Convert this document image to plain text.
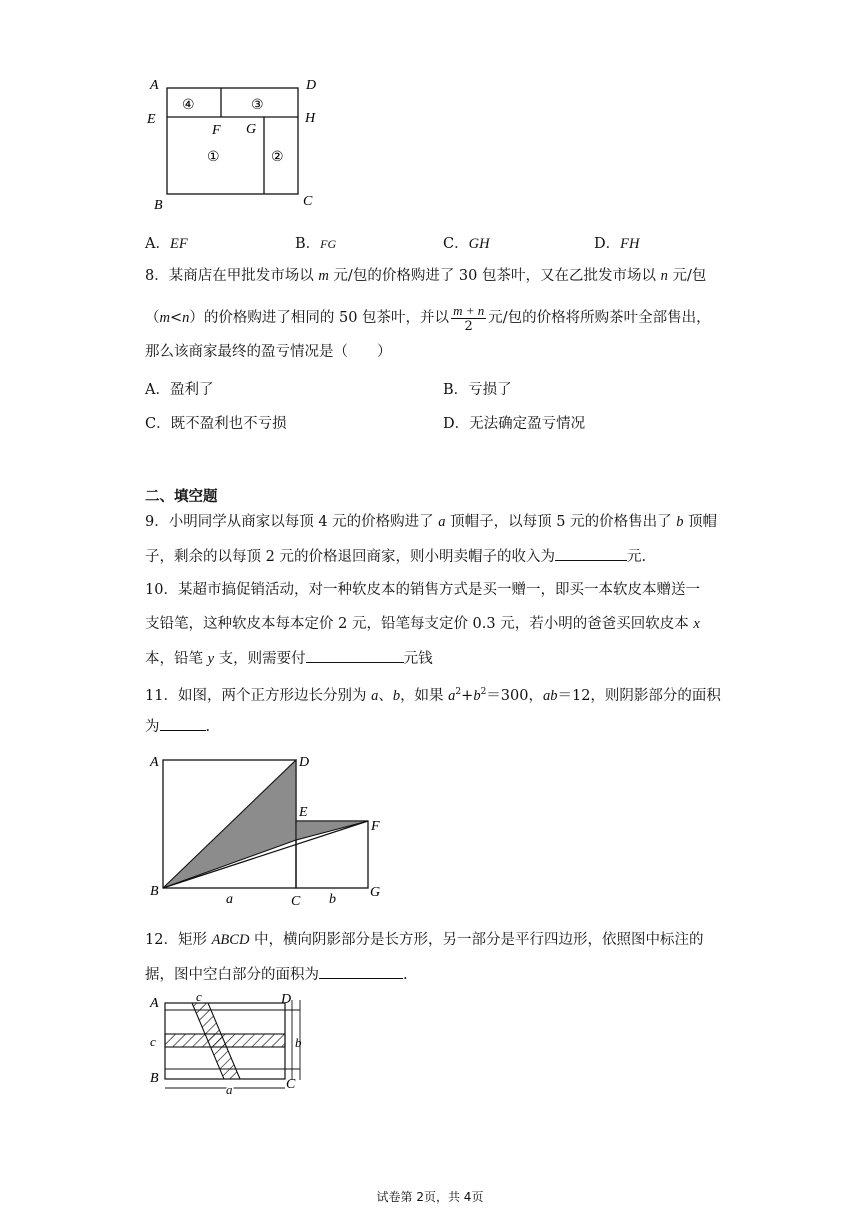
A	D
E	H
F G
B	C
④	③
①	②
A．EF	B．FG	C．GH	D．FH
8．某商店在甲批发市场以 m 元/包的价格购进了 30 包茶叶，又在乙批发市场以 n 元/包
（ m < n ）的价格购进了相同的 50 包茶叶，并以 $\frac{m + n}{2}$ 元/包的价格将所购茶叶全部售出，
那么该商家最终的盈亏情况是（　　）
A．盈利了	B．亏损了
C．既不盈利也不亏损	D．无法确定盈亏情况
二、填空题
9．小明同学从商家以每顶 4 元的价格购进了 a 顶帽子，以每顶 5 元的价格售出了 b 顶帽
子，剩余的以每顶 2 元的价格退回商家，则小明卖帽子的收入为	元.
10．某超市搞促销活动，对一种软皮本的销售方式是买一赠一，即买一本软皮本赠送一
支铅笔，这种软皮本每本定价 2 元，铅笔每支定价 0.3 元，若小明的爸爸买回软皮本 x
本，铅笔 y 支，则需要付	元钱
11．如图，两个正方形边长分别为 a、b，如果 $a^2+b^2=300$，ab＝12，则阴影部分的面积
为	.
A	D
E
F
B
C
G
a	b
12．矩形 ABCD 中，横向阴影部分是长方形，另一部分是平行四边形，依照图中标注的
据，图中空白部分的面积为	.
A	c	D
c	b
B	C
a
试卷第 2页，共 4页
